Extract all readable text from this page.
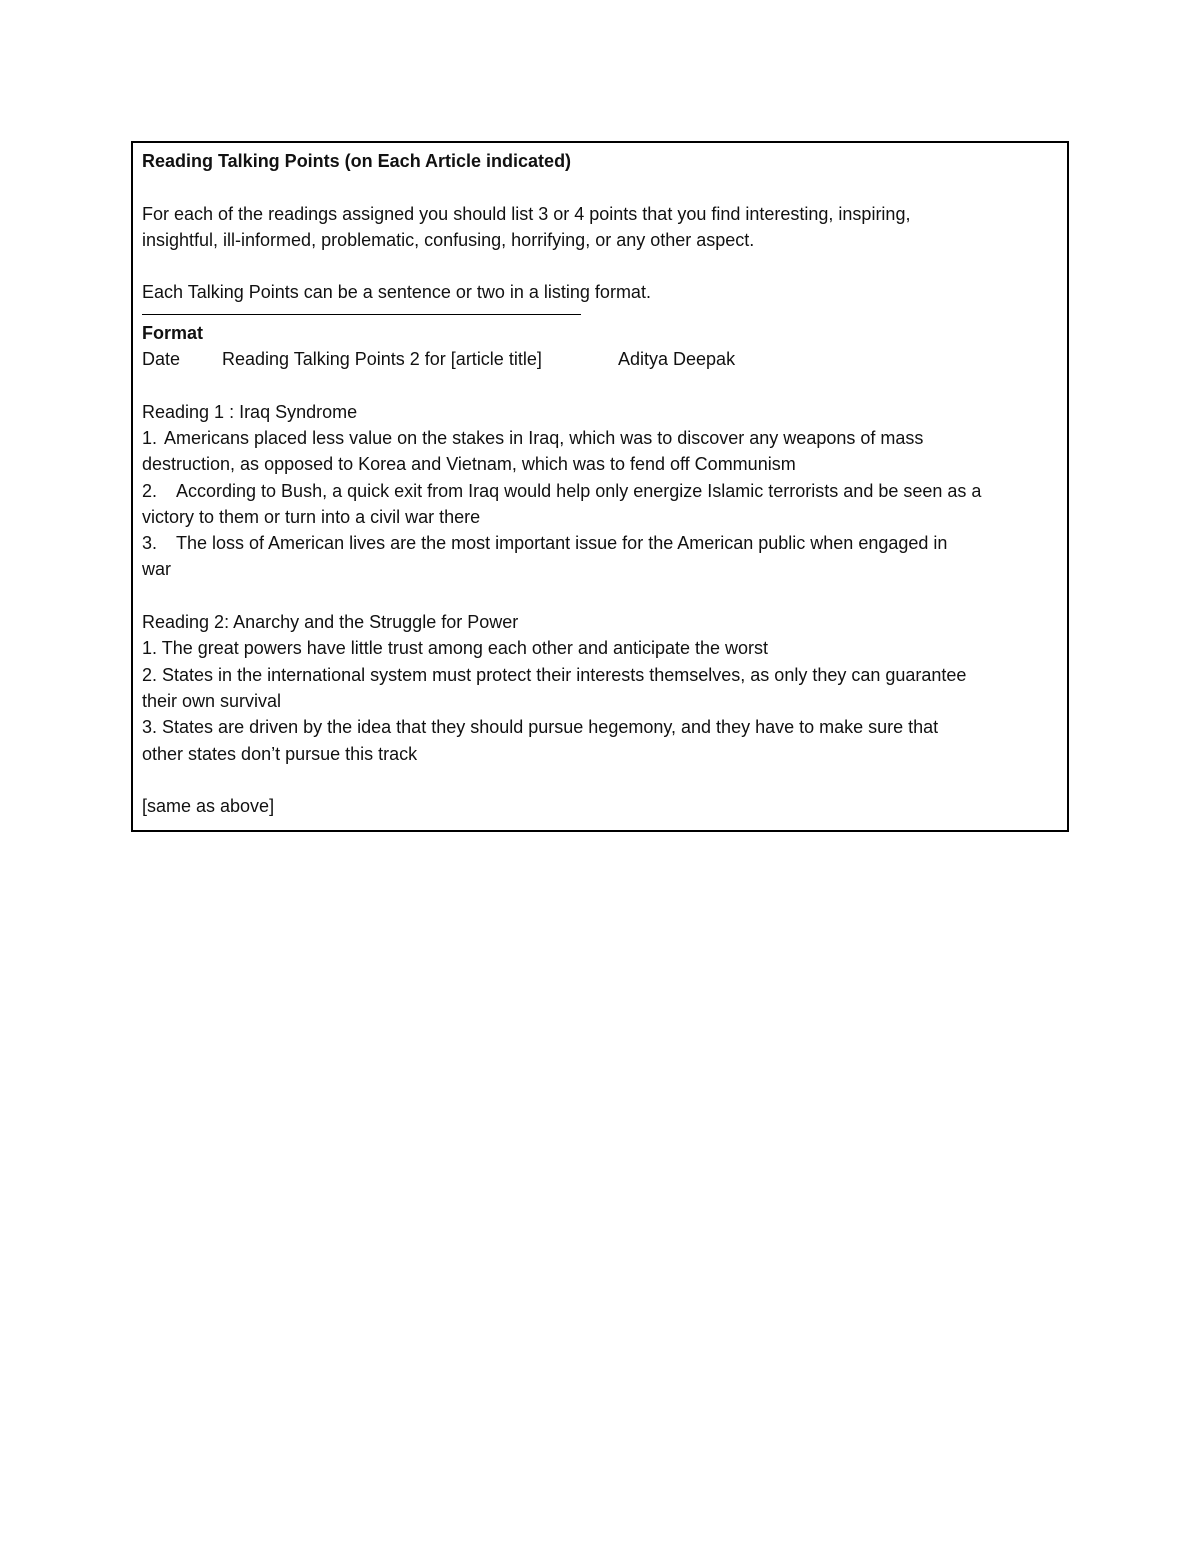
Reading Talking Points (on Each Article indicated)
For each of the readings assigned you should list 3 or 4 points that you find interesting, inspiring,
insightful, ill-informed, problematic, confusing, horrifying, or any other aspect.
Each Talking Points can be a sentence or two in a listing format.
Format
Date Reading Talking Points 2 for [article title]	Aditya Deepak
Reading 1 : Iraq Syndrome
1. Americans placed less value on the stakes in Iraq, which was to discover any weapons of mass
destruction, as opposed to Korea and Vietnam, which was to fend off Communism
2. According to Bush, a quick exit from Iraq would help only energize Islamic terrorists and be seen as a
victory to them or turn into a civil war there
3. The loss of American lives are the most important issue for the American public when engaged in
war
Reading 2: Anarchy and the Struggle for Power
1. The great powers have little trust among each other and anticipate the worst
2. States in the international system must protect their interests themselves, as only they can guarantee
their own survival
3. States are driven by the idea that they should pursue hegemony, and they have to make sure that
other states don’t pursue this track
[same as above]
